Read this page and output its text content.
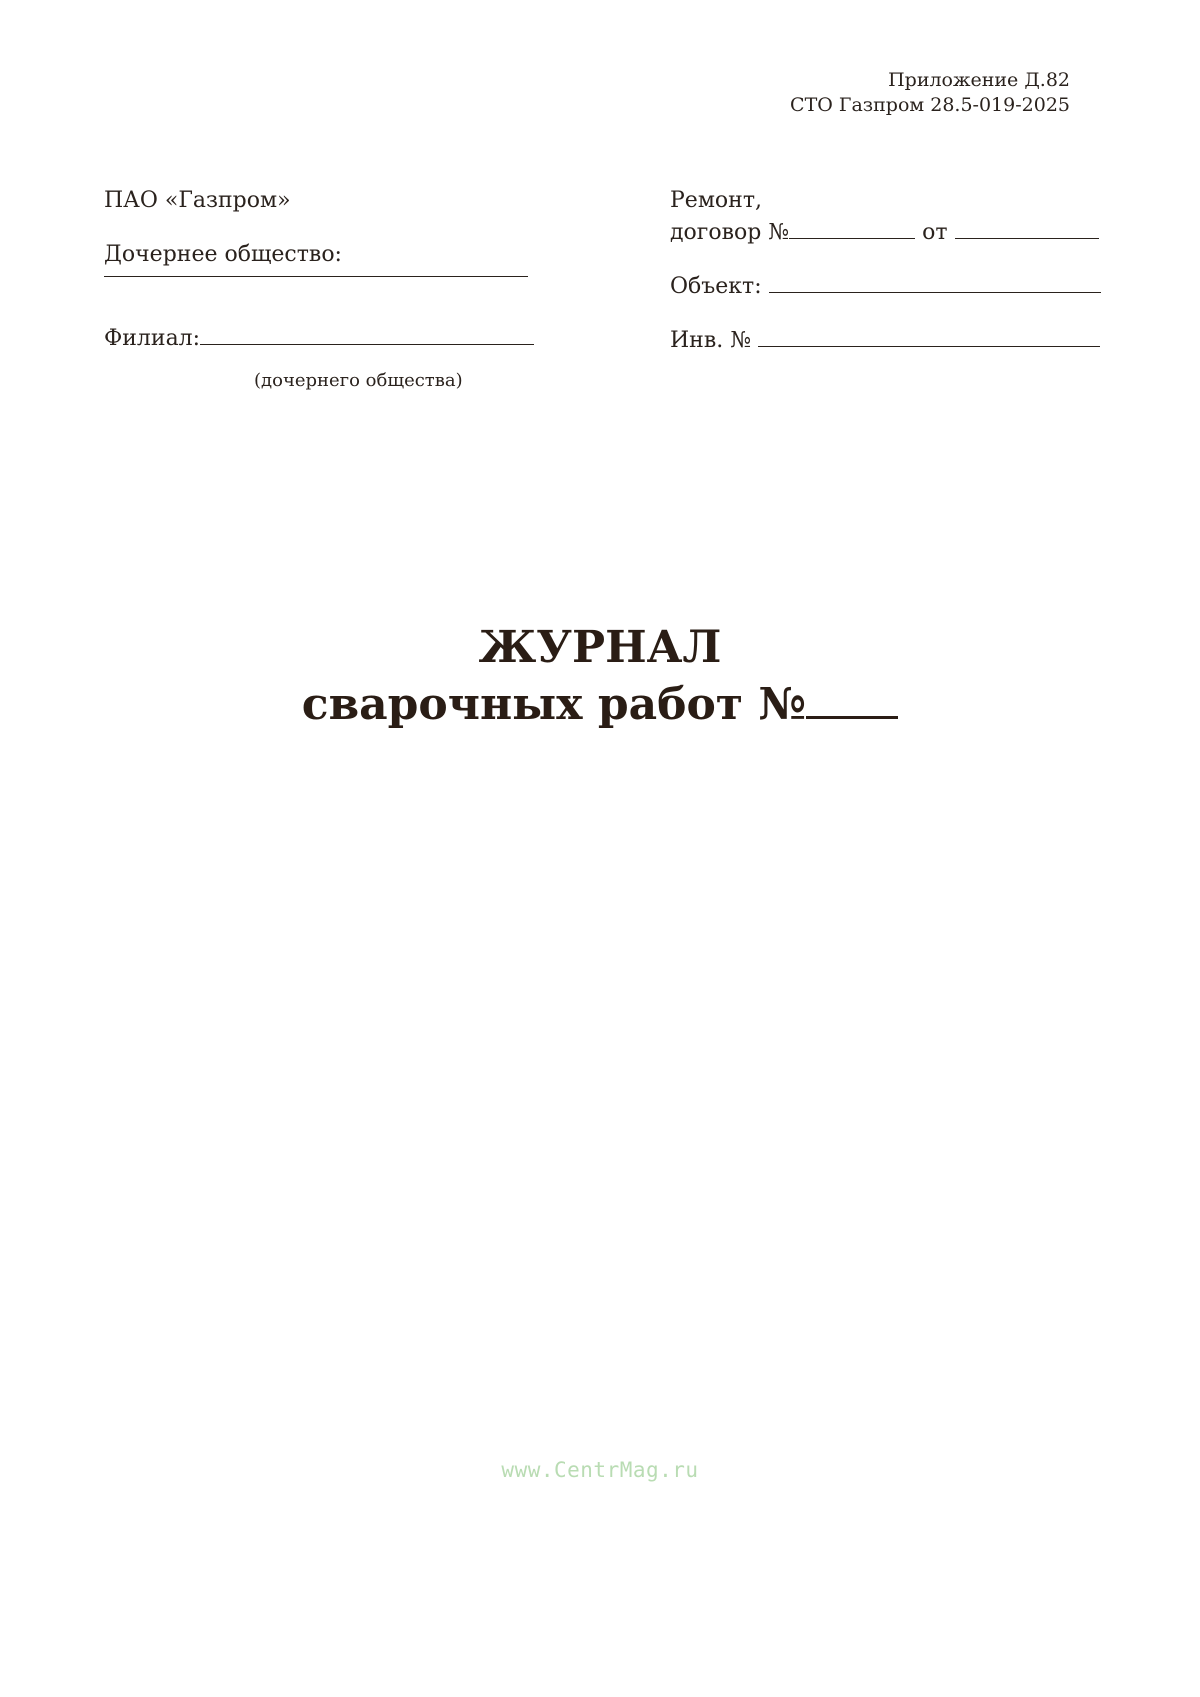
Приложение Д.82
СТО Газпром 28.5-019-2025
ПАО «Газпром»
Дочернее общество:
Филиал:
(дочернего общества)
Ремонт,
договор №	от
Объект:
Инв. №
ЖУРНАЛ
сварочных работ №
www.CentrMag.ru
